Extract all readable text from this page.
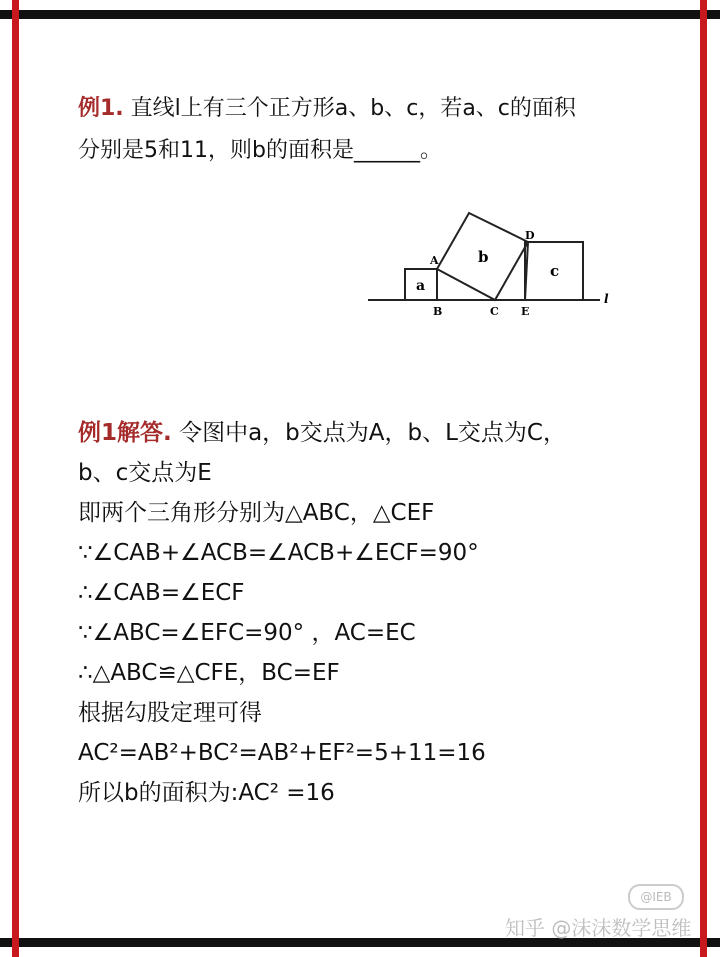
例1. 直线l上有三个正方形a、b、c，若a、c的面积
分别是5和11，则b的面积是______。
a
b
c
A
B	C
D
E
l
例1解答. 令图中a，b交点为A，b、L交点为C，
b、c交点为E
即两个三角形分别为△ABC，△CEF
∵∠CAB+∠ACB=∠ACB+∠ECF=90°
∴∠CAB=∠ECF
∵∠ABC=∠EFC=90° ，AC=EC
∴△ABC≌△CFE，BC=EF
根据勾股定理可得
AC²=AB²+BC²=AB²+EF²=5+11=16
所以b的面积为:AC² =16
@IEB
知乎 @沫沫数学思维
